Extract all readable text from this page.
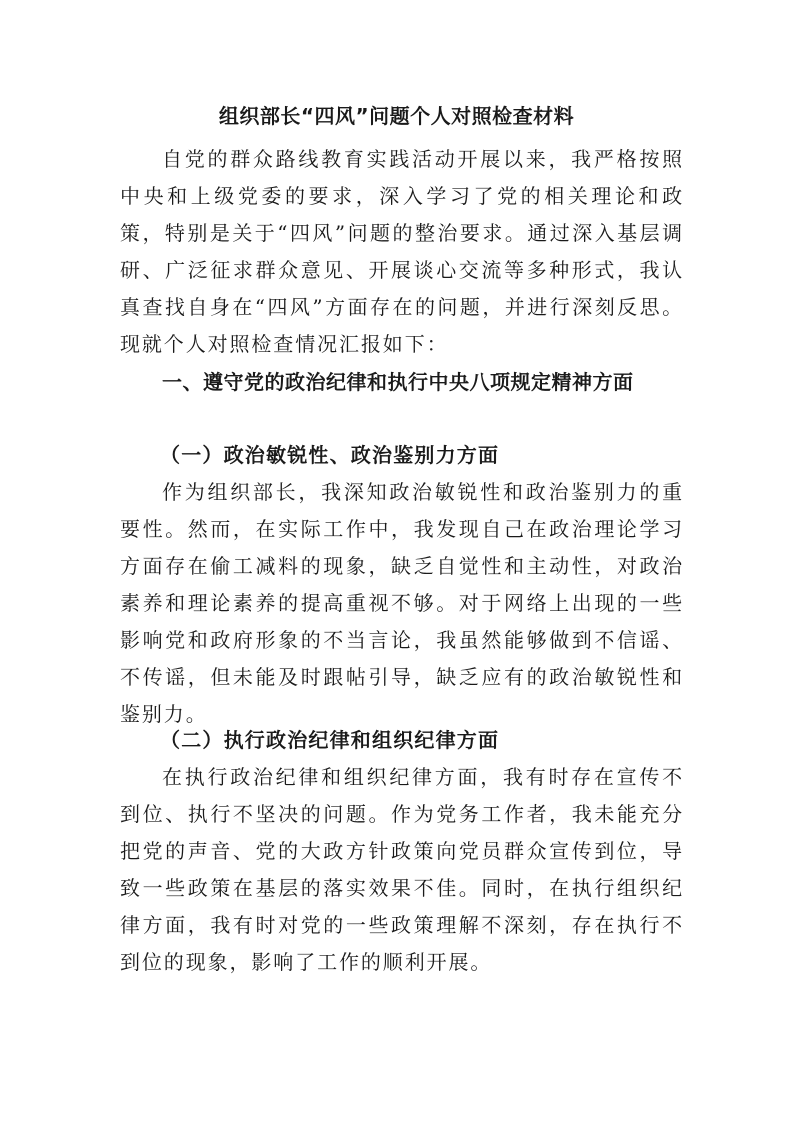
组织部长“四风”问题个人对照检查材料

自党的群众路线教育实践活动开展以来，我严格按照中央和上级党委的要求，深入学习了党的相关理论和政策，特别是关于“四风”问题的整治要求。通过深入基层调研、广泛征求群众意见、开展谈心交流等多种形式，我认真查找自身在“四风”方面存在的问题，并进行深刻反思。现就个人对照检查情况汇报如下：

一、遵守党的政治纪律和执行中央八项规定精神方面
（一）政治敏锐性、政治鉴别力方面

作为组织部长，我深知政治敏锐性和政治鉴别力的重要性。然而，在实际工作中，我发现自己在政治理论学习方面存在偷工减料的现象，缺乏自觉性和主动性，对政治素养和理论素养的提高重视不够。对于网络上出现的一些影响党和政府形象的不当言论，我虽然能够做到不信谣、不传谣，但未能及时跟帖引导，缺乏应有的政治敏锐性和鉴别力。

（二）执行政治纪律和组织纪律方面

在执行政治纪律和组织纪律方面，我有时存在宣传不到位、执行不坚决的问题。作为党务工作者，我未能充分把党的声音、党的大政方针政策向党员群众宣传到位，导致一些政策在基层的落实效果不佳。同时，在执行组织纪律方面，我有时对党的一些政策理解不深刻，存在执行不到位的现象，影响了工作的顺利开展。
